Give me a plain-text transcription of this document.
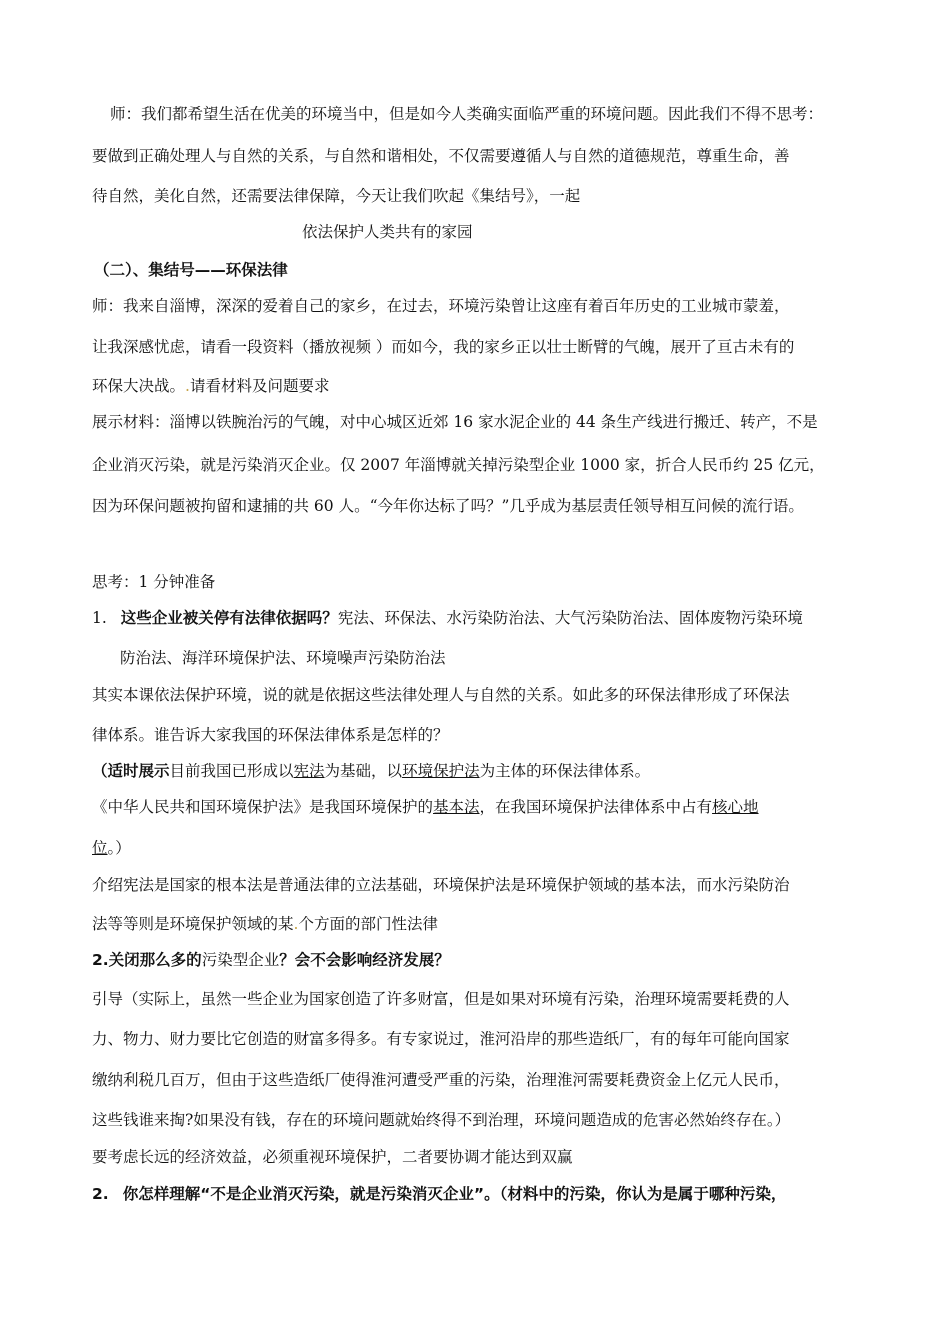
师：我们都希望生活在优美的环境当中，但是如今人类确实面临严重的环境问题。因此我们不得不思考：
要做到正确处理人与自然的关系，与自然和谐相处，不仅需要遵循人与自然的道德规范，尊重生命，善
待自然，美化自然，还需要法律保障，今天让我们吹起《集结号》，一起
依法保护人类共有的家园
（二）、集结号——环保法律
师：我来自淄博，深深的爱着自己的家乡，在过去，环境污染曾让这座有着百年历史的工业城市蒙羞，
让我深感忧虑，请看一段资料（播放视频 ）而如今，我的家乡正以壮士断臂的气魄，展开了亘古未有的
环保大决战。.请看材料及问题要求
展示材料：淄博以铁腕治污的气魄，对中心城区近郊 16 家水泥企业的 44 条生产线进行搬迁、转产，不是
企业消灭污染，就是污染消灭企业。仅 2007 年淄博就关掉污染型企业 1000 家，折合人民币约 25 亿元，
因为环保问题被拘留和逮捕的共 60 人。“今年你达标了吗？”几乎成为基层责任领导相互问候的流行语。
思考：1 分钟准备
1. 这些企业被关停有法律依据吗？宪法、环保法、水污染防治法、大气污染防治法、固体废物污染环境
防治法、海洋环境保护法、环境噪声污染防治法
其实本课依法保护环境，说的就是依据这些法律处理人与自然的关系。如此多的环保法律形成了环保法
律体系。谁告诉大家我国的环保法律体系是怎样的？
（适时展示目前我国已形成以宪法为基础，以环境保护法为主体的环保法律体系。
《中华人民共和国环境保护法》是我国环境保护的基本法，在我国环境保护法律体系中占有核心地
位。）
介绍宪法是国家的根本法是普通法律的立法基础，环境保护法是环境保护领域的基本法，而水污染防治
法等等则是环境保护领域的某.个方面的部门性法律
2.关闭那么多的污染型企业？会不会影响经济发展？
引导（实际上，虽然一些企业为国家创造了许多财富，但是如果对环境有污染，治理环境需要耗费的人
力、物力、财力要比它创造的财富多得多。有专家说过，淮河沿岸的那些造纸厂，有的每年可能向国家
缴纳利税几百万，但由于这些造纸厂使得淮河遭受严重的污染，治理淮河需要耗费资金上亿元人民币，
这些钱谁来掏?如果没有钱，存在的环境问题就始终得不到治理，环境问题造成的危害必然始终存在。）
要考虑长远的经济效益，必须重视环境保护，二者要协调才能达到双赢
2. 你怎样理解“不是企业消灭污染，就是污染消灭企业”。（材料中的污染，你认为是属于哪种污染，
